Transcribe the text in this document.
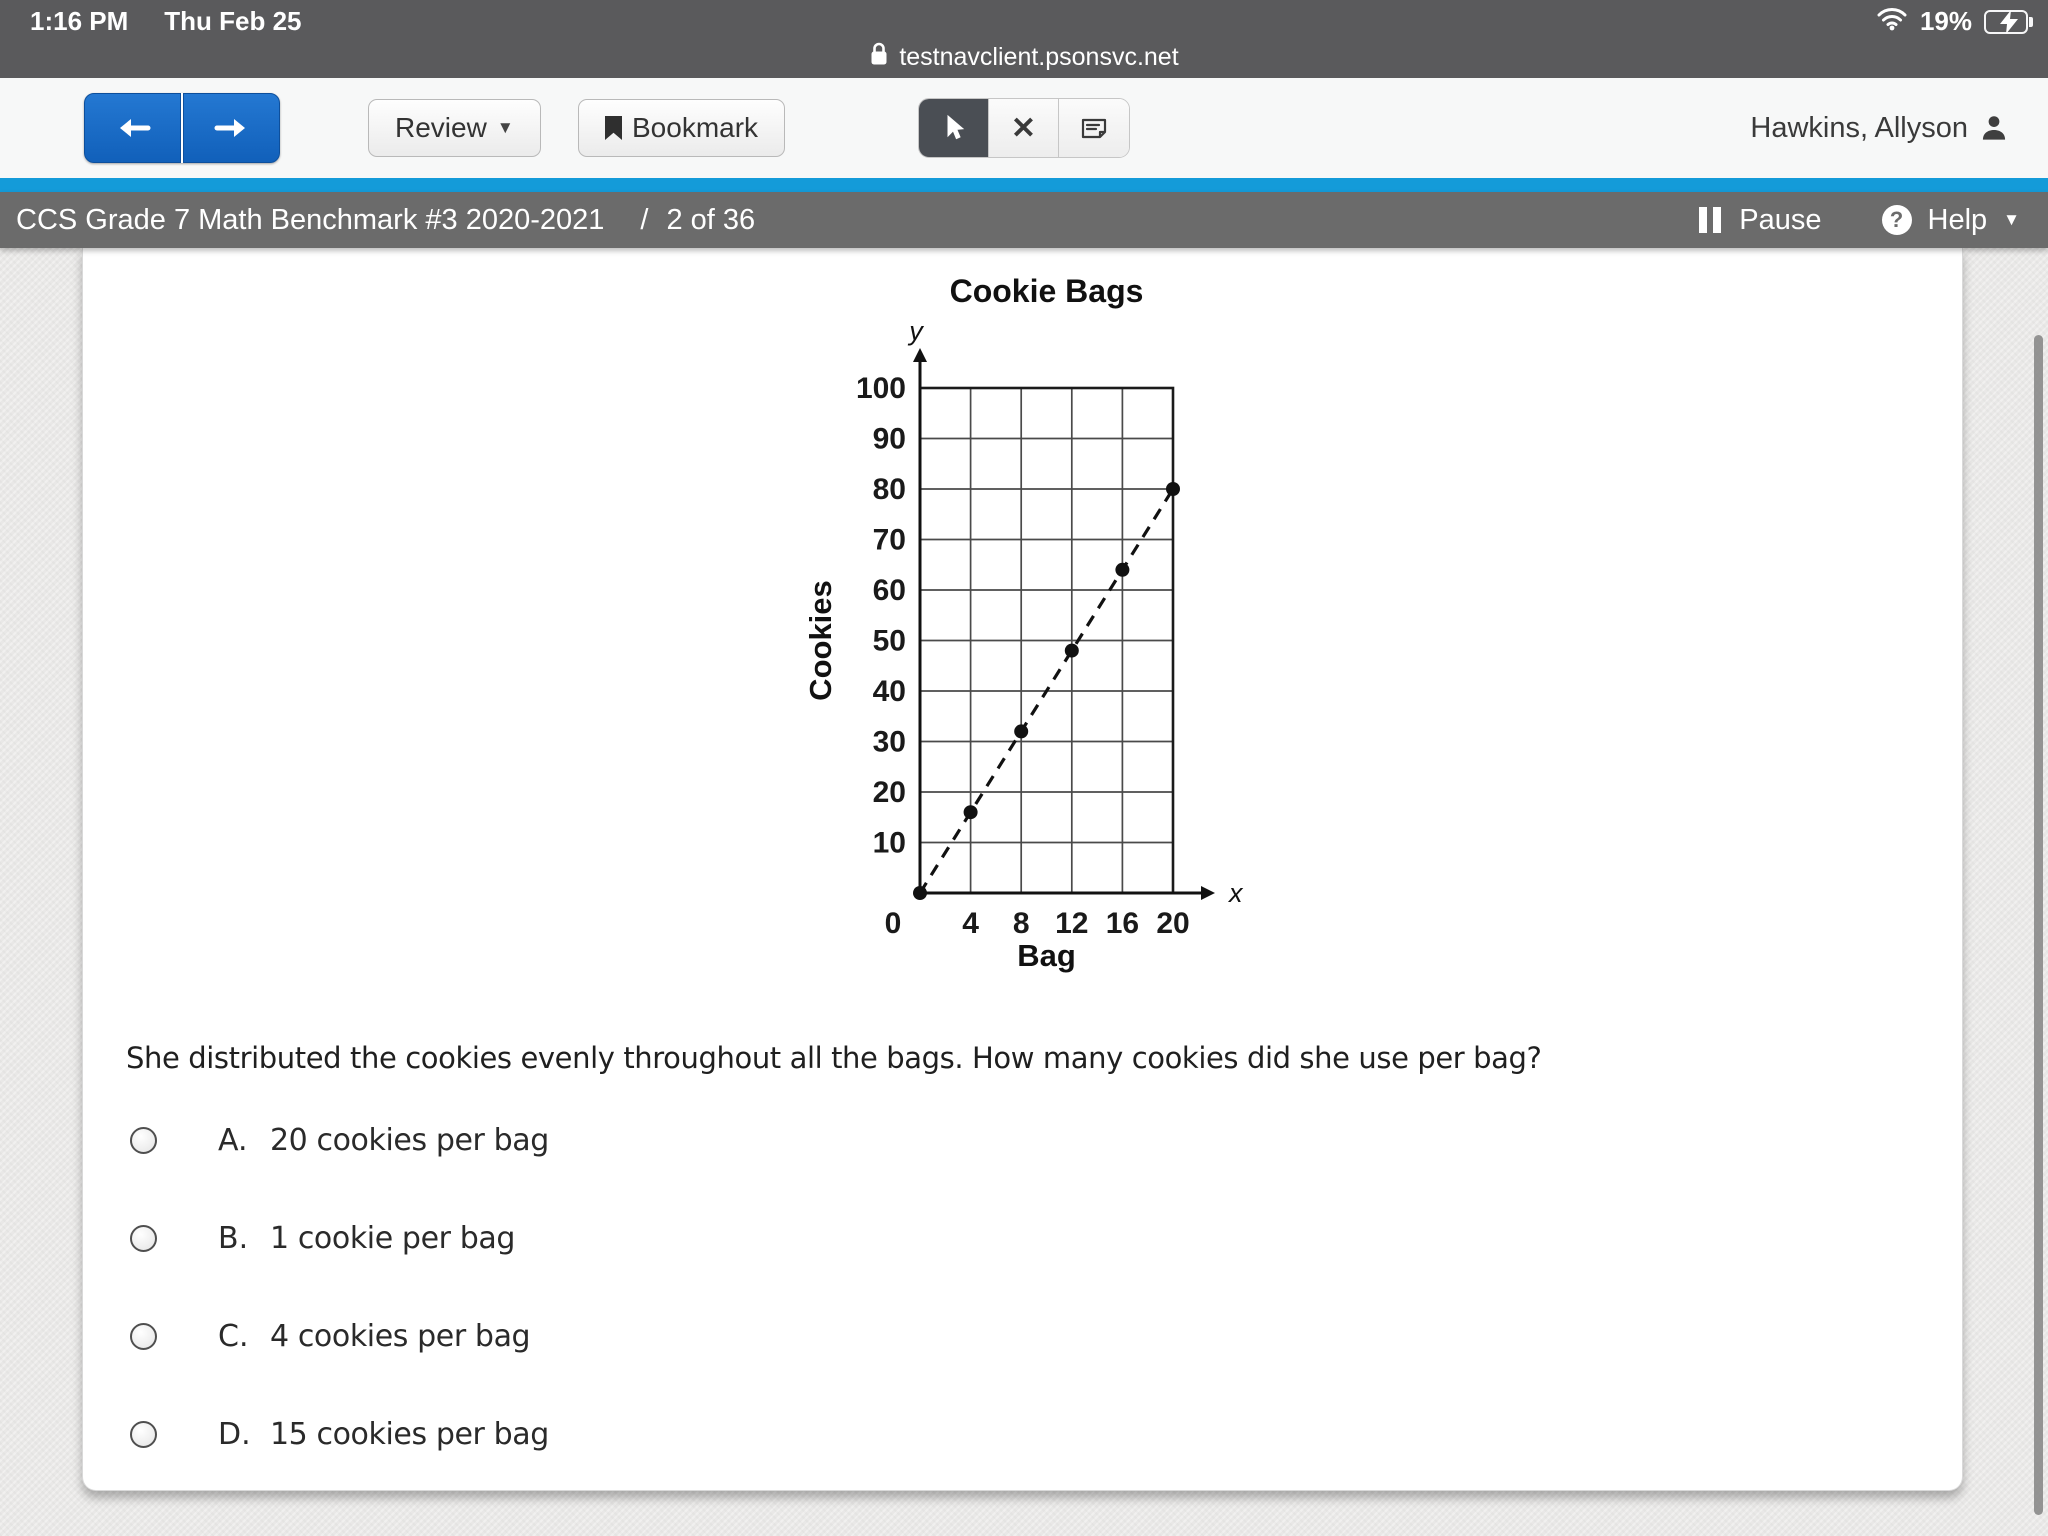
1:16 PM Thu Feb 25	19%
testnavclient.psonsvc.net
Review ▼	Bookmark	✕	Hawkins, Allyson
CCS Grade 7 Math Benchmark #3 2020-2021 / 2 of 36	Pause	? Help ▼
10
20
30
40
50
60
70
80
90
100
0 4 8 12 16 20
Cookie Bags
Bag
Cookies
y
x
She distributed the cookies evenly throughout all the bags. How many cookies did she use per bag?
A. 20 cookies per bag
B. 1 cookie per bag
C. 4 cookies per bag
D. 15 cookies per bag
